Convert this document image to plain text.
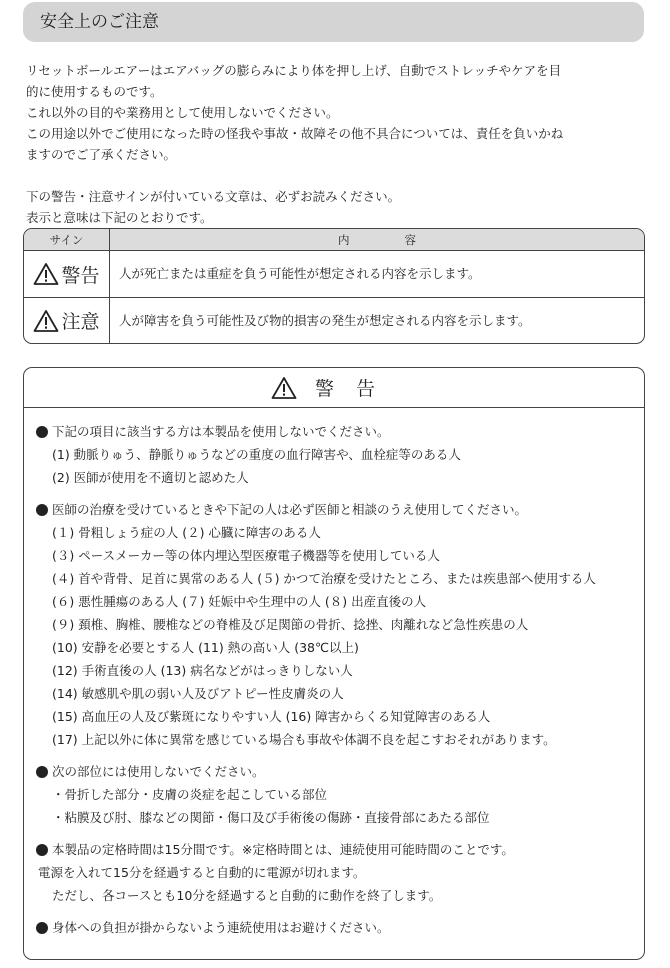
安全上のご注意

リセットボールエアーはエアバッグの膨らみにより体を押し上げ、自動でストレッチやケアを目

的に使用するものです。

これ以外の目的や業務用として使用しないでください。

この用途以外でご使用になった時の怪我や事故・故障その他不具合については、責任を負いかね

ますのでご了承ください。

下の警告・注意サインが付いている文章は、必ずお読みください。

表示と意味は下記のとおりです。

サイン	内容
警告	人が死亡または重症を負う可能性が想定される内容を示します。
注意	人が障害を負う可能性及び物的損害の発生が想定される内容を示します。
警告
下記の項目に該当する方は本製品を使用しないでください。
(1) 動脈りゅう、静脈りゅうなどの重度の血行障害や、血栓症等のある人
(2) 医師が使用を不適切と認めた人
医師の治療を受けているときや下記の人は必ず医師と相談のうえ使用してください。
(１) 骨粗しょう症の人 (２) 心臓に障害のある人
(３) ペースメーカー等の体内埋込型医療電子機器等を使用している人
(４) 首や背骨、足首に異常のある人 (５) かつて治療を受けたところ、または疾患部へ使用する人
(６) 悪性腫瘍のある人 (７) 妊娠中や生理中の人 (８) 出産直後の人
(９) 頚椎、胸椎、腰椎などの脊椎及び足関節の骨折、捻挫、肉離れなど急性疾患の人
(10) 安静を必要とする人 (11) 熱の高い人 (38℃以上)
(12) 手術直後の人 (13) 病名などがはっきりしない人
(14) 敏感肌や肌の弱い人及びアトピー性皮膚炎の人
(15) 高血圧の人及び紫斑になりやすい人 (16) 障害からくる知覚障害のある人
(17) 上記以外に体に異常を感じている場合も事故や体調不良を起こすおそれがあります。
次の部位には使用しないでください。
・骨折した部分・皮膚の炎症を起こしている部位
・粘膜及び肘、膝などの関節・傷口及び手術後の傷跡・直接骨部にあたる部位
本製品の定格時間は15分間です。※定格時間とは、連続使用可能時間のことです。
電源を入れて15分を経過すると自動的に電源が切れます。
ただし、各コースとも10分を経過すると自動的に動作を終了します。
身体への負担が掛からないよう連続使用はお避けください。
